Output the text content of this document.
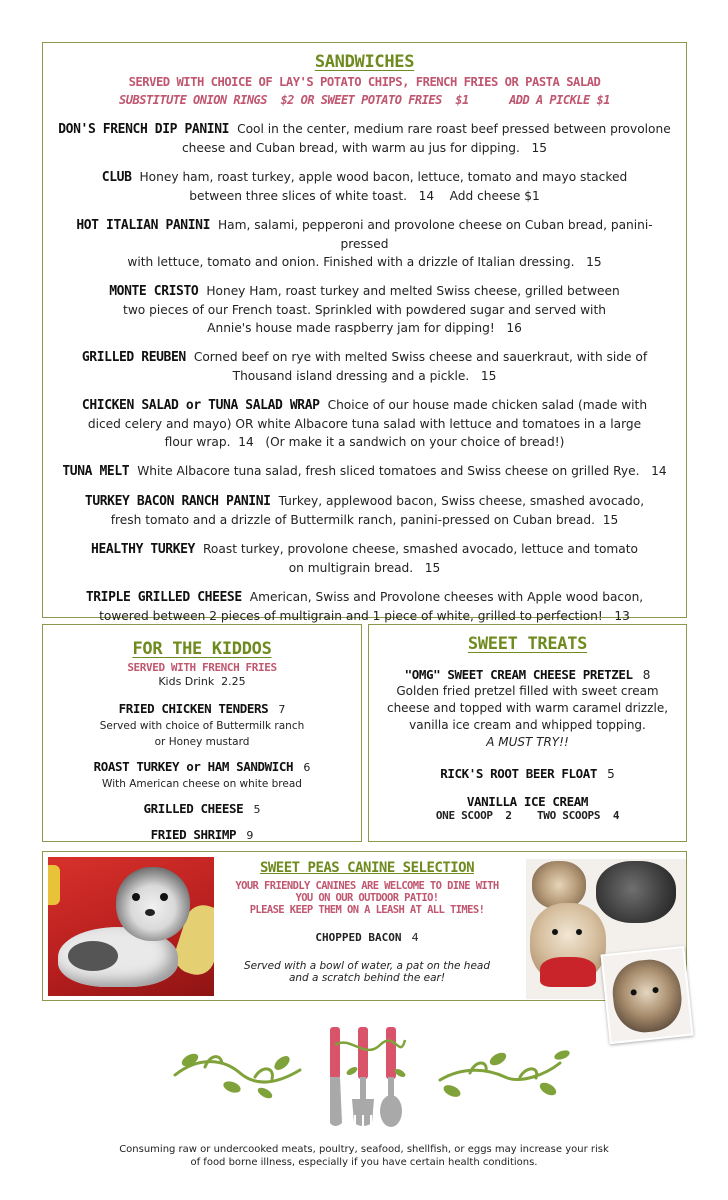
SANDWICHES
SERVED WITH CHOICE OF LAY'S POTATO CHIPS, FRENCH FRIES OR PASTA SALAD
SUBSTITUTE ONION RINGS  $2 OR SWEET POTATO FRIES  $1      ADD A PICKLE $1
DON'S FRENCH DIP PANINI Cool in the center, medium rare roast beef pressed between provolone
cheese and Cuban bread, with warm au jus for dipping.   15
CLUB Honey ham, roast turkey, apple wood bacon, lettuce, tomato and mayo stacked
between three slices of white toast.   14    Add cheese $1
HOT ITALIAN PANINI Ham, salami, pepperoni and provolone cheese on Cuban bread, panini-pressed
with lettuce, tomato and onion. Finished with a drizzle of Italian dressing.   15
MONTE CRISTO Honey Ham, roast turkey and melted Swiss cheese, grilled between
two pieces of our French toast. Sprinkled with powdered sugar and served with
Annie's house made raspberry jam for dipping!   16
GRILLED REUBEN Corned beef on rye with melted Swiss cheese and sauerkraut, with side of
Thousand island dressing and a pickle.   15
CHICKEN SALAD or TUNA SALAD WRAP Choice of our house made chicken salad (made with
diced celery and mayo) OR white Albacore tuna salad with lettuce and tomatoes in a large
flour wrap.  14   (Or make it a sandwich on your choice of bread!)
TUNA MELT White Albacore tuna salad, fresh sliced tomatoes and Swiss cheese on grilled Rye.   14
TURKEY BACON RANCH PANINI Turkey, applewood bacon, Swiss cheese, smashed avocado,
fresh tomato and a drizzle of Buttermilk ranch, panini-pressed on Cuban bread.  15
HEALTHY TURKEY Roast turkey, provolone cheese, smashed avocado, lettuce and tomato
on multigrain bread.   15
TRIPLE GRILLED CHEESE American, Swiss and Provolone cheeses with Apple wood bacon,
towered between 2 pieces of multigrain and 1 piece of white, grilled to perfection!   13
FOR THE KIDDOS
SERVED WITH FRENCH FRIES
Kids Drink  2.25
FRIED CHICKEN TENDERS 7
Served with choice of Buttermilk ranch
or Honey mustard
ROAST TURKEY or HAM SANDWICH 6
With American cheese on white bread
GRILLED CHEESE 5
FRIED SHRIMP 9
SWEET TREATS
"OMG" SWEET CREAM CHEESE PRETZEL 8
Golden fried pretzel filled with sweet cream
cheese and topped with warm caramel drizzle,
vanilla ice cream and whipped topping.
A MUST TRY!!
RICK'S ROOT BEER FLOAT 5
VANILLA ICE CREAM
ONE SCOOP  2    TWO SCOOPS  4
SWEET PEAS CANINE SELECTION
YOUR FRIENDLY CANINES ARE WELCOME TO DINE WITH
YOU ON OUR OUTDOOR PATIO!
PLEASE KEEP THEM ON A LEASH AT ALL TIMES!
CHOPPED BACON 4
Served with a bowl of water, a pat on the head
and a scratch behind the ear!
Consuming raw or undercooked meats, poultry, seafood, shellfish, or eggs may increase your risk
of food borne illness, especially if you have certain health conditions.
